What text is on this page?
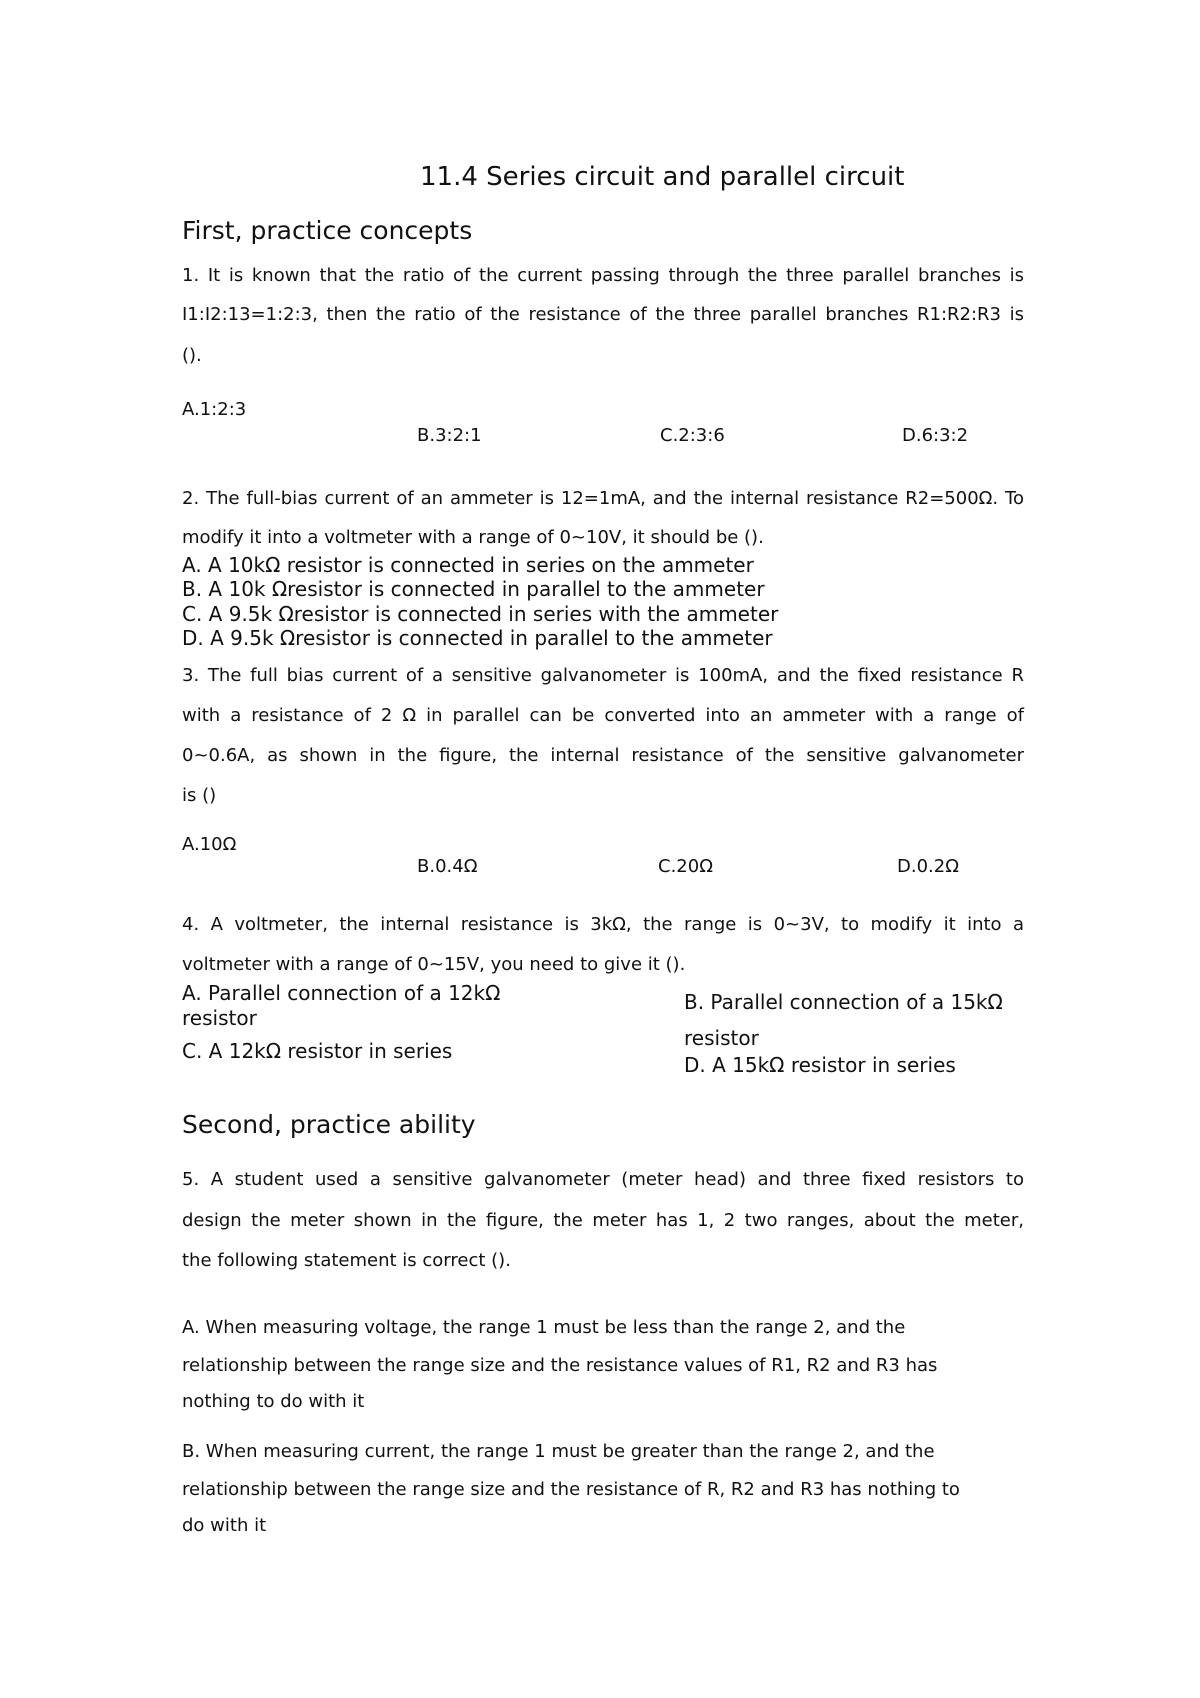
11.4 Series circuit and parallel circuit
First, practice concepts
1. It is known that the ratio of the current passing through the three parallel branches is
I1:I2:13=1:2:3, then the ratio of the resistance of the three parallel branches R1:R2:R3 is
().
A.1:2:3
B.3:2:1	C.2:3:6	D.6:3:2
2. The full-bias current of an ammeter is 12=1mA, and the internal resistance R2=500Ω. To
modify it into a voltmeter with a range of 0~10V, it should be ().
A. A 10kΩ resistor is connected in series on the ammeter
B. A 10k Ωresistor is connected in parallel to the ammeter
C. A 9.5k Ωresistor is connected in series with the ammeter
D. A 9.5k Ωresistor is connected in parallel to the ammeter
3. The full bias current of a sensitive galvanometer is 100mA, and the fixed resistance R
with a resistance of 2 Ω in parallel can be converted into an ammeter with a range of
0~0.6A, as shown in the figure, the internal resistance of the sensitive galvanometer
is ()
A.10Ω
B.0.4Ω	C.20Ω	D.0.2Ω
4. A voltmeter, the internal resistance is 3kΩ, the range is 0~3V, to modify it into a
voltmeter with a range of 0~15V, you need to give it ().
A. Parallel connection of a 12kΩ
resistor
B. Parallel connection of a 15kΩ
resistor
C. A 12kΩ resistor in series
D. A 15kΩ resistor in series
Second, practice ability
5. A student used a sensitive galvanometer (meter head) and three fixed resistors to
design the meter shown in the figure, the meter has 1, 2 two ranges, about the meter,
the following statement is correct ().
A. When measuring voltage, the range 1 must be less than the range 2, and the
relationship between the range size and the resistance values of R1, R2 and R3 has
nothing to do with it
B. When measuring current, the range 1 must be greater than the range 2, and the
relationship between the range size and the resistance of R, R2 and R3 has nothing to
do with it
